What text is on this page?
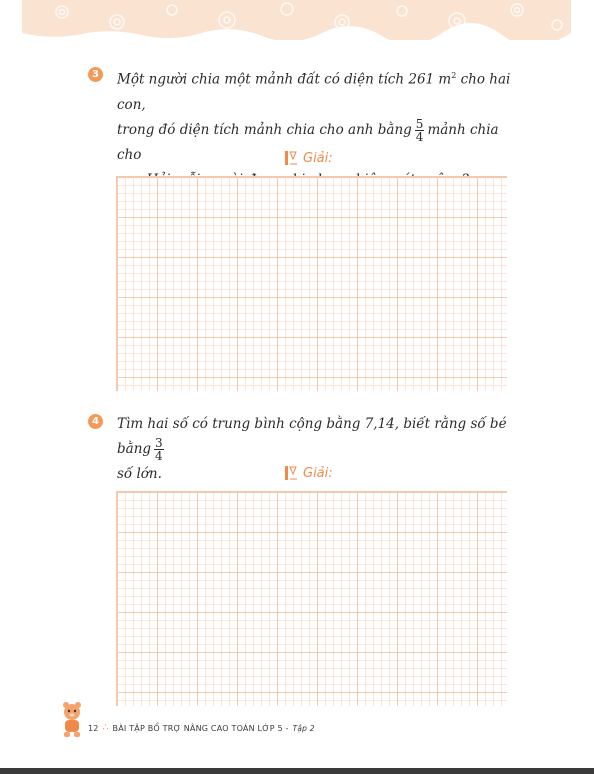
3 Một người chia một mảnh đất có diện tích 261 $m^2$ cho hai con,
trong đó diện tích mảnh chia cho anh bằng $\frac{5}{4}$ mảnh chia cho	Giải:
4 Tìm hai số có trung bình cộng bằng 7,14, biết rằng số bé bằng $\frac{3}{4}$
số lớn.	Giải:
12 ∴ BÀI TẬP BỔ TRỢ NÂNG CAO TOÁN LỚP 5 - Tập 2
